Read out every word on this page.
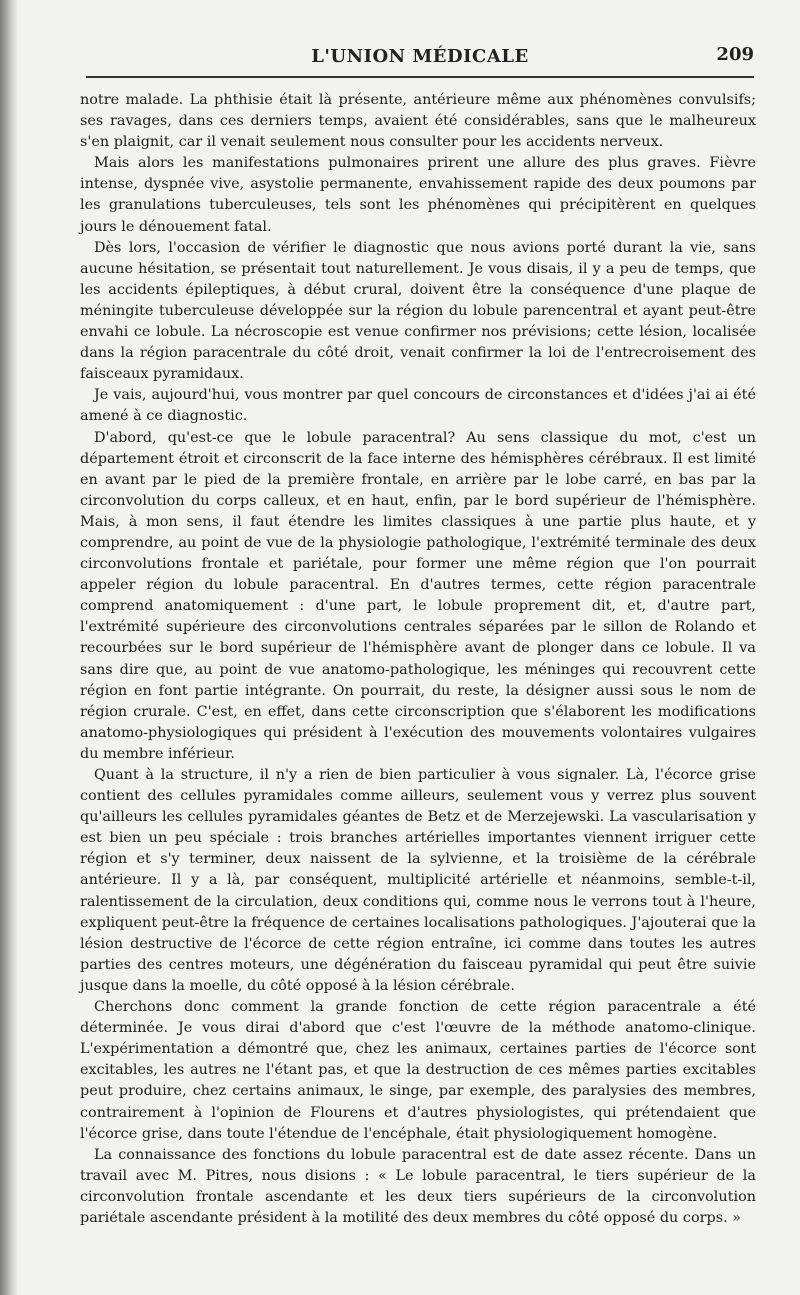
L'UNION MÉDICALE	209

notre malade. La phthisie était là présente, antérieure même aux phénomènes convulsifs; ses ravages, dans ces derniers temps, avaient été considérables, sans que le malheureux s'en plaignit, car il venait seulement nous consulter pour les accidents nerveux.

Mais alors les manifestations pulmonaires prirent une allure des plus graves. Fièvre intense, dyspnée vive, asystolie permanente, envahissement rapide des deux poumons par les granulations tuberculeuses, tels sont les phénomènes qui précipitèrent en quelques jours le dénouement fatal.

Dès lors, l'occasion de vérifier le diagnostic que nous avions porté durant la vie, sans aucune hésitation, se présentait tout naturellement. Je vous disais, il y a peu de temps, que les accidents épileptiques, à début crural, doivent être la conséquence d'une plaque de méningite tuberculeuse développée sur la région du lobule parencentral et ayant peut-être envahi ce lobule. La nécroscopie est venue confirmer nos prévisions; cette lésion, localisée dans la région paracentrale du côté droit, venait confirmer la loi de l'entrecroisement des faisceaux pyramidaux.

Je vais, aujourd'hui, vous montrer par quel concours de circonstances et d'idées j'ai ai été amené à ce diagnostic.

D'abord, qu'est-ce que le lobule paracentral? Au sens classique du mot, c'est un département étroit et circonscrit de la face interne des hémisphères cérébraux. Il est limité en avant par le pied de la première frontale, en arrière par le lobe carré, en bas par la circonvolution du corps calleux, et en haut, enfin, par le bord supérieur de l'hémisphère. Mais, à mon sens, il faut étendre les limites classiques à une partie plus haute, et y comprendre, au point de vue de la physiologie pathologique, l'extrémité terminale des deux circonvolutions frontale et pariétale, pour former une même région que l'on pourrait appeler région du lobule paracentral. En d'autres termes, cette région paracentrale comprend anatomiquement : d'une part, le lobule proprement dit, et, d'autre part, l'extrémité supérieure des circonvolutions centrales séparées par le sillon de Rolando et recourbées sur le bord supérieur de l'hémisphère avant de plonger dans ce lobule. Il va sans dire que, au point de vue anatomo-pathologique, les méninges qui recouvrent cette région en font partie intégrante. On pourrait, du reste, la désigner aussi sous le nom de région crurale. C'est, en effet, dans cette circonscription que s'élaborent les modifications anatomo-physiologiques qui président à l'exécution des mouvements volontaires vulgaires du membre inférieur.

Quant à la structure, il n'y a rien de bien particulier à vous signaler. Là, l'écorce grise contient des cellules pyramidales comme ailleurs, seulement vous y verrez plus souvent qu'ailleurs les cellules pyramidales géantes de Betz et de Merzejewski. La vascularisation y est bien un peu spéciale : trois branches artérielles importantes viennent irriguer cette région et s'y terminer, deux naissent de la sylvienne, et la troisième de la cérébrale antérieure. Il y a là, par conséquent, multiplicité artérielle et néanmoins, semble-t-il, ralentissement de la circulation, deux conditions qui, comme nous le verrons tout à l'heure, expliquent peut-être la fréquence de certaines localisations pathologiques. J'ajouterai que la lésion destructive de l'écorce de cette région entraîne, ici comme dans toutes les autres parties des centres moteurs, une dégénération du faisceau pyramidal qui peut être suivie jusque dans la moelle, du côté opposé à la lésion cérébrale.

Cherchons donc comment la grande fonction de cette région paracentrale a été déterminée. Je vous dirai d'abord que c'est l'œuvre de la méthode anatomo-clinique. L'expérimentation a démontré que, chez les animaux, certaines parties de l'écorce sont excitables, les autres ne l'étant pas, et que la destruction de ces mêmes parties excitables peut produire, chez certains animaux, le singe, par exemple, des paralysies des membres, contrairement à l'opinion de Flourens et d'autres physiologistes, qui prétendaient que l'écorce grise, dans toute l'étendue de l'encéphale, était physiologiquement homogène.

La connaissance des fonctions du lobule paracentral est de date assez récente. Dans un travail avec M. Pitres, nous disions : « Le lobule paracentral, le tiers supérieur de la circonvolution frontale ascendante et les deux tiers supérieurs de la circonvolution pariétale ascendante président à la motilité des deux membres du côté opposé du corps. »
